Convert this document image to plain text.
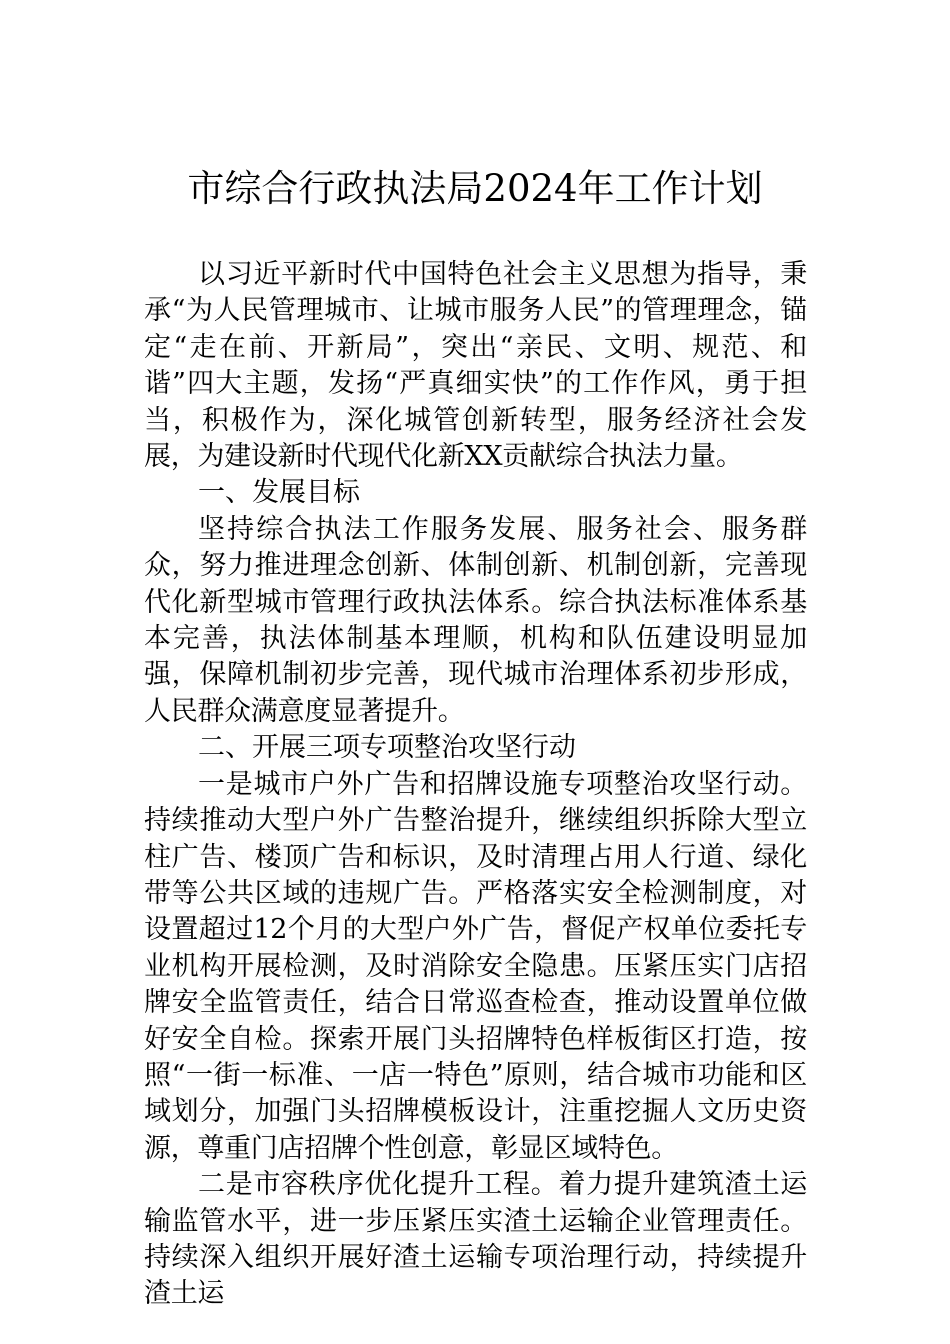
市综合行政执法局2024年工作计划

以习近平新时代中国特色社会主义思想为指导，秉承“为人民管理城市、让城市服务人民”的管理理念，锚定“走在前、开新局”，突出“亲民、文明、规范、和谐”四大主题，发扬“严真细实快”的工作作风，勇于担当，积极作为，深化城管创新转型，服务经济社会发展，为建设新时代现代化新XX贡献综合执法力量。

一、发展目标

坚持综合执法工作服务发展、服务社会、服务群众，努力推进理念创新、体制创新、机制创新，完善现代化新型城市管理行政执法体系。综合执法标准体系基本完善，执法体制基本理顺，机构和队伍建设明显加强，保障机制初步完善，现代城市治理体系初步形成，人民群众满意度显著提升。

二、开展三项专项整治攻坚行动

一是城市户外广告和招牌设施专项整治攻坚行动。持续推动大型户外广告整治提升，继续组织拆除大型立柱广告、楼顶广告和标识，及时清理占用人行道、绿化带等公共区域的违规广告。严格落实安全检测制度，对设置超过12个月的大型户外广告，督促产权单位委托专业机构开展检测，及时消除安全隐患。压紧压实门店招牌安全监管责任，结合日常巡查检查，推动设置单位做好安全自检。探索开展门头招牌特色样板街区打造，按照“一街一标准、一店一特色”原则，结合城市功能和区域划分，加强门头招牌模板设计，注重挖掘人文历史资源，尊重门店招牌个性创意，彰显区域特色。

二是市容秩序优化提升工程。着力提升建筑渣土运输监管水平，进一步压紧压实渣土运输企业管理责任。持续深入组织开展好渣土运输专项治理行动，持续提升渣土运
